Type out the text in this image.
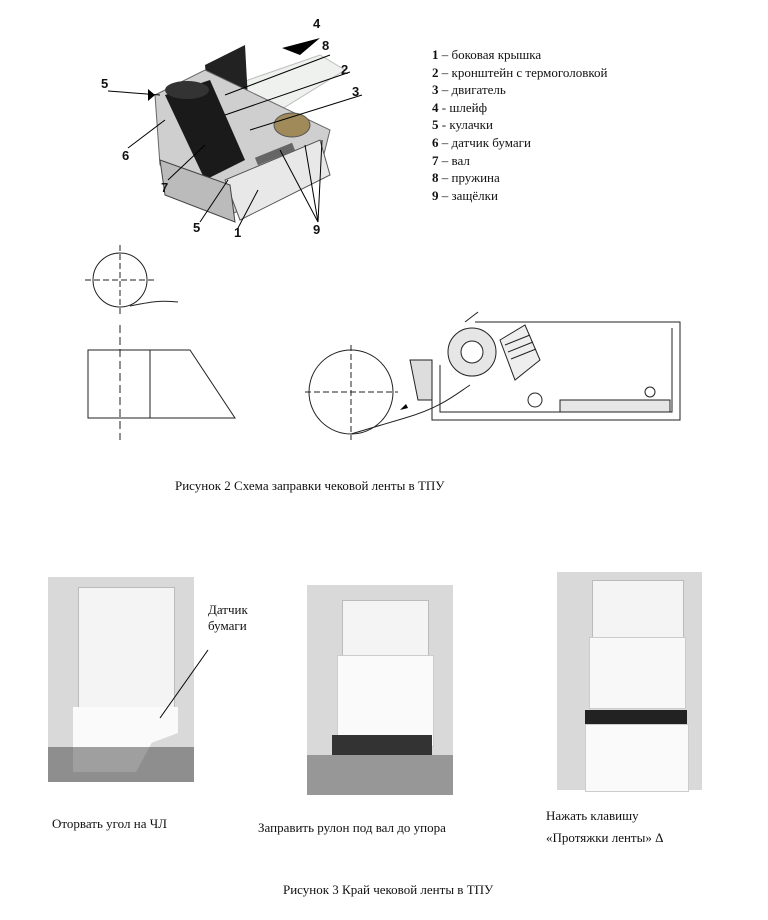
4
8
2
3
5
6
7
5	1	9
1 – боковая крышка
2 – кронштейн с термоголовкой
3 – двигатель
4 - шлейф
5 - кулачки
6 – датчик бумаги
7 – вал
8 – пружина
9 – защёлки
Рисунок 2 Схема заправки чековой ленты в ТПУ
Датчик
бумаги
Оторвать угол на ЧЛ	Заправить рулон под вал до упора
Нажать клавишу
«Протяжки ленты» Δ
Рисунок 3 Край чековой ленты в ТПУ
